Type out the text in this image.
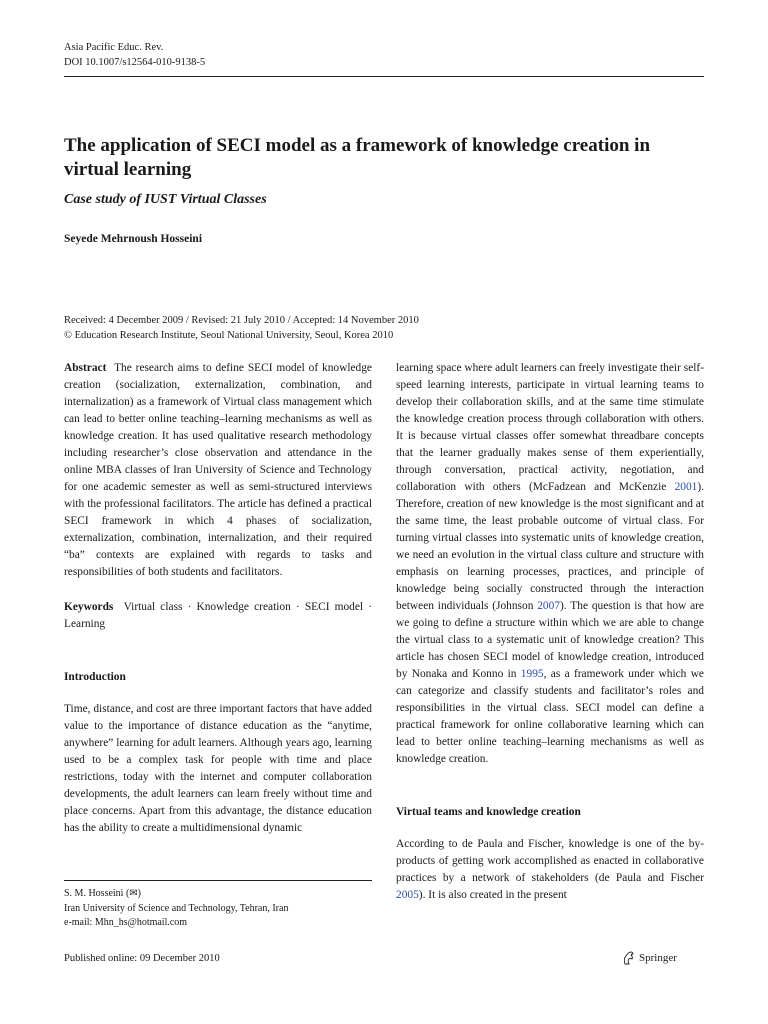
Asia Pacific Educ. Rev.
DOI 10.1007/s12564-010-9138-5
The application of SECI model as a framework of knowledge creation in virtual learning
Case study of IUST Virtual Classes
Seyede Mehrnoush Hosseini
Received: 4 December 2009 / Revised: 21 July 2010 / Accepted: 14 November 2010
© Education Research Institute, Seoul National University, Seoul, Korea 2010

Abstract The research aims to define SECI model of knowledge creation (socialization, externalization, combination, and internalization) as a framework of Virtual class management which can lead to better online teaching–learning mechanisms as well as knowledge creation. It has used qualitative research methodology including researcher’s close observation and attendance in the online MBA classes of Iran University of Science and Technology for one academic semester as well as semi-structured interviews with the professional facilitators. The article has defined a practical SECI framework in which 4 phases of socialization, externalization, combination, internalization, and their required “ba” contexts are explained with regards to tasks and responsibilities of both students and facilitators.

Keywords Virtual class · Knowledge creation · SECI model · Learning

Introduction

Time, distance, and cost are three important factors that have added value to the importance of distance education as the “anytime, anywhere” learning for adult learners. Although years ago, learning used to be a complex task for people with time and place restrictions, today with the internet and computer collaboration developments, the adult learners can learn freely without time and place concerns. Apart from this advantage, the distance education has the ability to create a multidimensional dynamic

learning space where adult learners can freely investigate their self-speed learning interests, participate in virtual learning teams to develop their collaboration skills, and at the same time stimulate the knowledge creation process through collaboration with others. It is because virtual classes offer somewhat threadbare concepts that the learner gradually makes sense of them experientially, through conversation, practical activity, negotiation, and collaboration with others (McFadzean and McKenzie 2001). Therefore, creation of new knowledge is the most significant and at the same time, the least probable outcome of virtual class. For turning virtual classes into systematic units of knowledge creation, we need an evolution in the virtual class culture and structure with emphasis on learning processes, practices, and principle of knowledge being socially constructed through the interaction between individuals (Johnson 2007). The question is that how are we going to define a structure within which we are able to change the virtual class to a systematic unit of knowledge creation? This article has chosen SECI model of knowledge creation, introduced by Nonaka and Konno in 1995, as a framework under which we can categorize and classify students and facilitator’s roles and responsibilities in the virtual class. SECI model can define a practical framework for online collaborative learning which can lead to better online teaching–learning mechanisms as well as knowledge creation.

Virtual teams and knowledge creation

According to de Paula and Fischer, knowledge is one of the by-products of getting work accomplished as enacted in collaborative practices by a network of stakeholders (de Paula and Fischer 2005). It is also created in the present

S. M. Hosseini (✉)
Iran University of Science and Technology, Tehran, Iran
e-mail: Mhn_hs@hotmail.com
Published online: 09 December 2010	Springer
